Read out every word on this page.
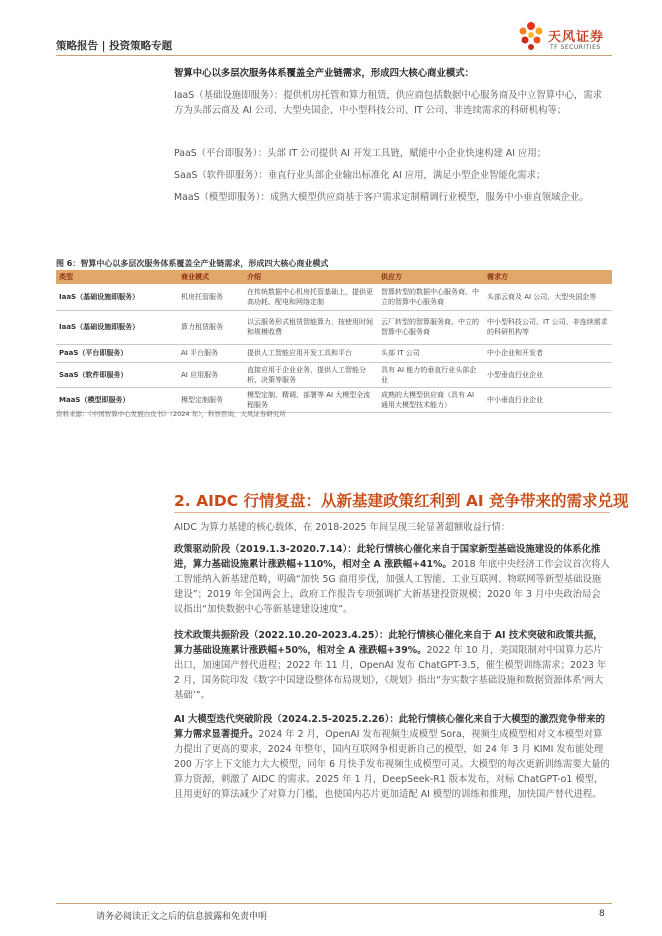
策略报告 | 投资策略专题
天风证券
TF SECURITIES
智算中心以多层次服务体系覆盖全产业链需求，形成四大核心商业模式：
IaaS（基础设施即服务）：提供机房托管和算力租赁，供应商包括数据中心服务商及中立智算中心，需求方为头部云商及 AI 公司、大型央国企、中小型科技公司、IT 公司、非连续需求的科研机构等；
PaaS（平台即服务）：头部 IT 公司提供 AI 开发工具链，赋能中小企业快速构建 AI 应用；
SaaS（软件即服务）：垂直行业头部企业输出标准化 AI 应用，满足小型企业智能化需求；
MaaS（模型即服务）：成熟大模型供应商基于客户需求定制精调行业模型，服务中小垂直领域企业。
图 6：智算中心以多层次服务体系覆盖全产业链需求，形成四大核心商业模式
类型	商业模式	介绍	供应方	需求方
IaaS（基础设施即服务）	机房托管服务	在传统数据中心机房托管基础上，提供更高功耗、配电和网络定制	智算转型的数据中心服务商、中立的智算中心服务商	头部云商及 AI 公司、大型央国企等
IaaS（基础设施即服务）	算力租赁服务	以云服务形式租赁智能算力，按使用时间和规模收费	云厂转型的智算服务商、中立的智算中心服务商	中小型科技公司、IT 公司、非连续需求的科研机构等
PaaS（平台即服务）	AI 平台服务	提供人工智能应用开发工具和平台	头部 IT 公司	中小企业和开发者
SaaS（软件即服务）	AI 应用服务	直接应用于企业业务，提供人工智能分析、决策等服务	具有 AI 能力的垂直行业头部企业	小型垂直行业企业
MaaS（模型即服务）	模型定制服务	模型定制、精调、部署等 AI 大模型全流程服务	成熟的大模型供应商（具有 AI 通用大模型技术能力）	中小垂直行业企业
资料来源：《中国智算中心发展白皮书》（2024 年），科智咨询，天风证券研究所
2. AIDC 行情复盘：从新基建政策红利到 AI 竞争带来的需求兑现
AIDC 为算力基建的核心载体，在 2018-2025 年间呈现三轮显著超额收益行情：
政策驱动阶段（2019.1.3-2020.7.14）：此轮行情核心催化来自于国家新型基础设施建设的体系化推进，算力基础设施累计涨跌幅+110%，相对全 A 涨跌幅+41%。2018 年底中央经济工作会议首次将人工智能纳入新基建范畴，明确“加快 5G 商用步伐，加强人工智能、工业互联网、物联网等新型基础设施建设”；2019 年全国两会上，政府工作报告专项强调扩大新基建投资规模；2020 年 3 月中央政治局会议指出“加快数据中心等新基建建设速度”。
技术政策共振阶段（2022.10.20-2023.4.25）：此轮行情核心催化来自于 AI 技术突破和政策共振，算力基础设施累计涨跌幅+50%，相对全 A 涨跌幅+39%。2022 年 10 月，美国限制对中国算力芯片出口，加速国产替代进程；2022 年 11 月，OpenAI 发布 ChatGPT-3.5，催生模型训练需求；2023 年 2 月，国务院印发《数字中国建设整体布局规划》，《规划》指出“夯实数字基础设施和数据资源体系‘两大基础’”。
AI 大模型迭代突破阶段（2024.2.5-2025.2.26）：此轮行情核心催化来自于大模型的激烈竞争带来的算力需求显著提升。2024 年 2 月，OpenAI 发布视频生成模型 Sora，视频生成模型相对文本模型对算力提出了更高的要求，2024 年整年，国内互联网争相更新自己的模型，如 24 年 3 月 KIMI 发布能处理 200 万字上下文能力大大模型，同年 6 月快手发布视频生成模型可灵。大模型的每次更新训练需要大量的算力资源，刺激了 AIDC 的需求。2025 年 1 月，DeepSeek-R1 版本发布，对标 ChatGPT-o1 模型，且用更好的算法减少了对算力门槛，也使国内芯片更加适配 AI 模型的训练和推理，加快国产替代进程。
请务必阅读正文之后的信息披露和免责申明	8
